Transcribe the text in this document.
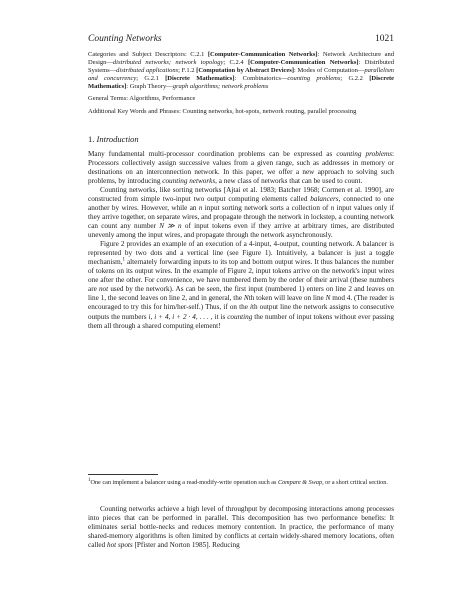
Counting Networks	1021
Categories and Subject Descriptors: C.2.1 [Computer-Communication Networks]: Network Architecture and Design—distributed networks; network topology; C.2.4 [Computer-Communication Networks]: Distributed Systems—distributed applications; F.1.2 [Computation by Abstract Devices]: Modes of Computation—parallelism and concurrency; G.2.1 [Discrete Mathematics]: Combinatorics—counting problems; G.2.2 [Discrete Mathematics]: Graph Theory—graph algorithms; network problems
General Terms: Algorithms, Performance
Additional Key Words and Phrases: Counting networks, hot-spots, network routing, parallel processing
1. Introduction

Many fundamental multi-processor coordination problems can be expressed as counting problems: Processors collectively assign successive values from a given range, such as addresses in memory or destinations on an interconnection network. In this paper, we offer a new approach to solving such problems, by introducing counting networks, a new class of networks that can be used to count.

Counting networks, like sorting networks [Ajtai et al. 1983; Batcher 1968; Cormen et al. 1990], are constructed from simple two-input two output computing elements called balancers, connected to one another by wires. However, while an n input sorting network sorts a collection of n input values only if they arrive together, on separate wires, and propagate through the network in lockstep, a counting network can count any number N ≫ n of input tokens even if they arrive at arbitrary times, are distributed unevenly among the input wires, and propagate through the network asynchronously.

Figure 2 provides an example of an execution of a 4-input, 4-output, counting network. A balancer is represented by two dots and a vertical line (see Figure 1). Intuitively, a balancer is just a toggle mechanism,$^1$ alternately forwarding inputs to its top and bottom output wires. It thus balances the number of tokens on its output wires. In the example of Figure 2, input tokens arrive on the network's input wires one after the other. For convenience, we have numbered them by the order of their arrival (these numbers are not used by the network). As can be seen, the first input (numbered 1) enters on line 2 and leaves on line 1, the second leaves on line 2, and in general, the Nth token will leave on line N mod 4. (The reader is encouraged to try this for him/her-self.) Thus, if on the ith output line the network assigns to consecutive outputs the numbers i, i + 4, i + 2 · 4, . . . , it is counting the number of input tokens without ever passing them all through a shared computing element!

$^1$One can implement a balancer using a read-modify-write operation such as Compare & Swap, or a short critical section.

Counting networks achieve a high level of throughput by decomposing interactions among processes into pieces that can be performed in parallel. This decomposition has two performance benefits: It eliminates serial bottle-necks and reduces memory contention. In practice, the performance of many shared-memory algorithms is often limited by conflicts at certain widely-shared memory locations, often called hot spots [Pfister and Norton 1985]. Reducing
